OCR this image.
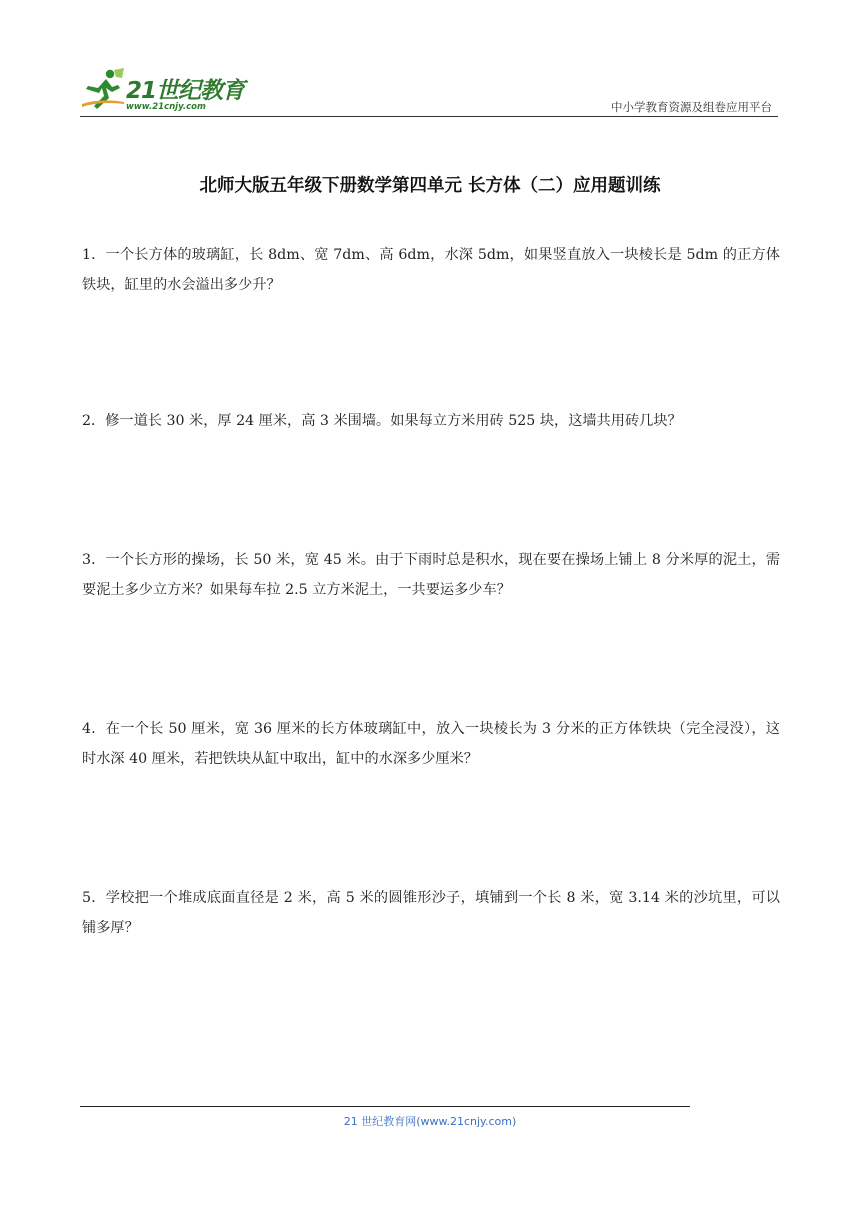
21世纪教育
www.21cnjy.com	中小学教育资源及组卷应用平台
北师大版五年级下册数学第四单元 长方体（二）应用题训练
1．一个长方体的玻璃缸，长 8dm、宽 7dm、高 6dm，水深 5dm，如果竖直放入一块棱长是 5dm 的正方体铁块，缸里的水会溢出多少升？
2．修一道长 30 米，厚 24 厘米，高 3 米围墙。如果每立方米用砖 525 块，这墙共用砖几块？
3．一个长方形的操场，长 50 米，宽 45 米。由于下雨时总是积水，现在要在操场上铺上 8 分米厚的泥土，需要泥土多少立方米？如果每车拉 2.5 立方米泥土，一共要运多少车？
4．在一个长 50 厘米，宽 36 厘米的长方体玻璃缸中，放入一块棱长为 3 分米的正方体铁块（完全浸没），这时水深 40 厘米，若把铁块从缸中取出，缸中的水深多少厘米？
5．学校把一个堆成底面直径是 2 米，高 5 米的圆锥形沙子，填铺到一个长 8 米，宽 3.14 米的沙坑里，可以铺多厚？
21 世纪教育网(www.21cnjy.com)
